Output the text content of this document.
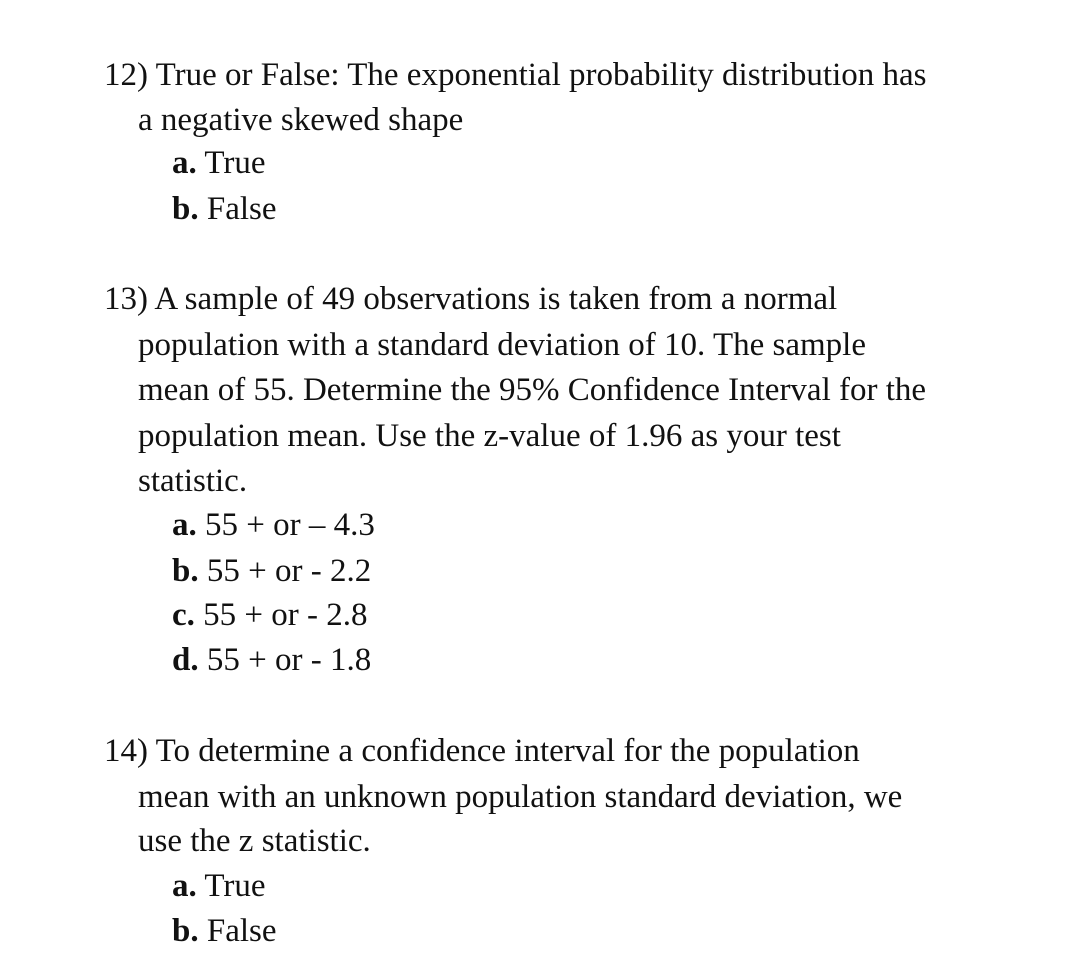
12) True or False: The exponential probability distribution has
a negative skewed shape
a. True
b. False
13) A sample of 49 observations is taken from a normal
population with a standard deviation of 10. The sample
mean of 55. Determine the 95% Confidence Interval for the
population mean. Use the z-value of 1.96 as your test
statistic.
a. 55 + or – 4.3
b. 55 + or - 2.2
c. 55 + or - 2.8
d. 55 + or - 1.8
14) To determine a confidence interval for the population
mean with an unknown population standard deviation, we
use the z statistic.
a. True
b. False
